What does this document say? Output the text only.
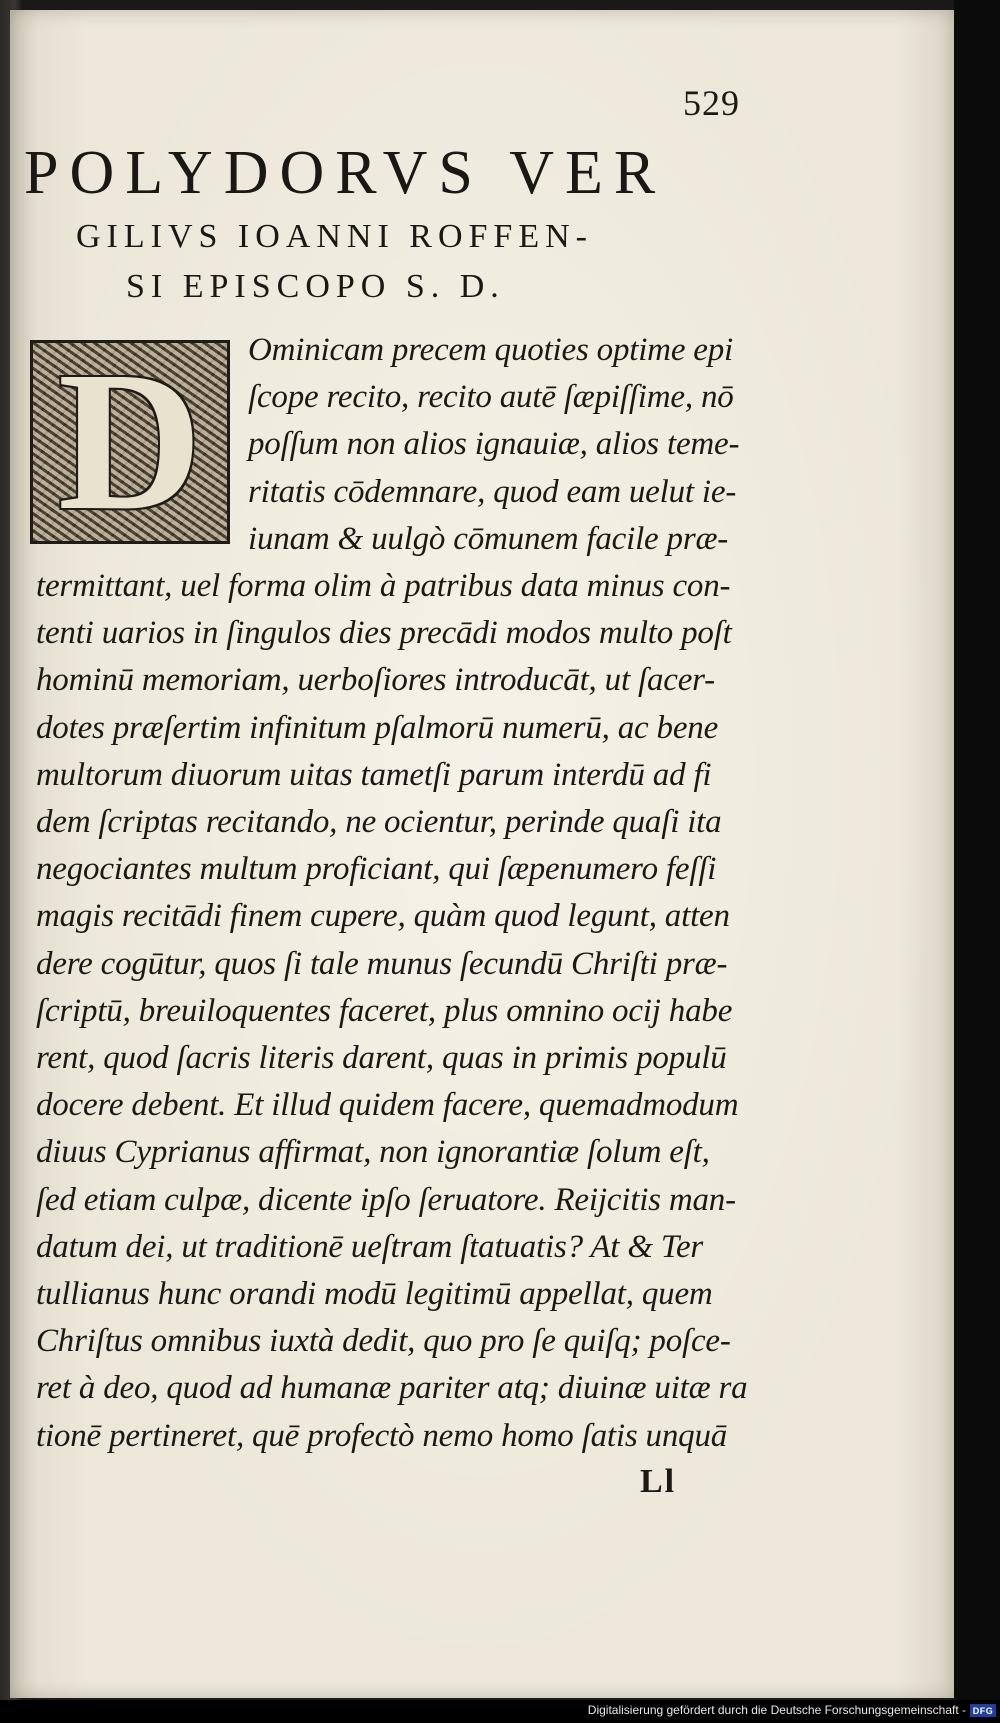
529
POLYDORVS VER
GILIVS IOANNI ROFFEN-
SI EPISCOPO S. D.
D	Ominicam precem quoties optime epi
ſcope recito, recito autē ſæpiſſime, nō
poſſum non alios ignauiæ, alios teme-
ritatis cōdemnare, quod eam uelut ie-
iunam & uulgò cōmunem facile præ-
termittant, uel forma olim à patribus data minus con-
tenti uarios in ſingulos dies precādi modos multo poſt
hominū memoriam, uerboſiores introducāt, ut ſacer-
dotes præſertim infinitum pſalmorū numerū, ac bene
multorum diuorum uitas tametſi parum interdū ad fi
dem ſcriptas recitando, ne ocientur, perinde quaſi ita
negociantes multum proficiant, qui ſæpenumero feſſi
magis recitādi finem cupere, quàm quod legunt, atten
dere cogūtur, quos ſi tale munus ſecundū Chriſti præ-
ſcriptū, breuiloquentes faceret, plus omnino ocij habe
rent, quod ſacris literis darent, quas in primis populū
docere debent. Et illud quidem facere, quemadmodum
diuus Cyprianus affirmat, non ignorantiæ ſolum eſt,
ſed etiam culpæ, dicente ipſo ſeruatore. Reijcitis man-
datum dei, ut traditionē ueſtram ſtatuatis? At & Ter
tullianus hunc orandi modū legitimū appellat, quem
Chriſtus omnibus iuxtà dedit, quo pro ſe quiſq; poſce-
ret à deo, quod ad humanæ pariter atq; diuinæ uitæ ra
tionē pertineret, quē profectò nemo homo ſatis unquā
Ll
Digitalisierung gefördert durch die Deutsche Forschungsgemeinschaft - DFG
